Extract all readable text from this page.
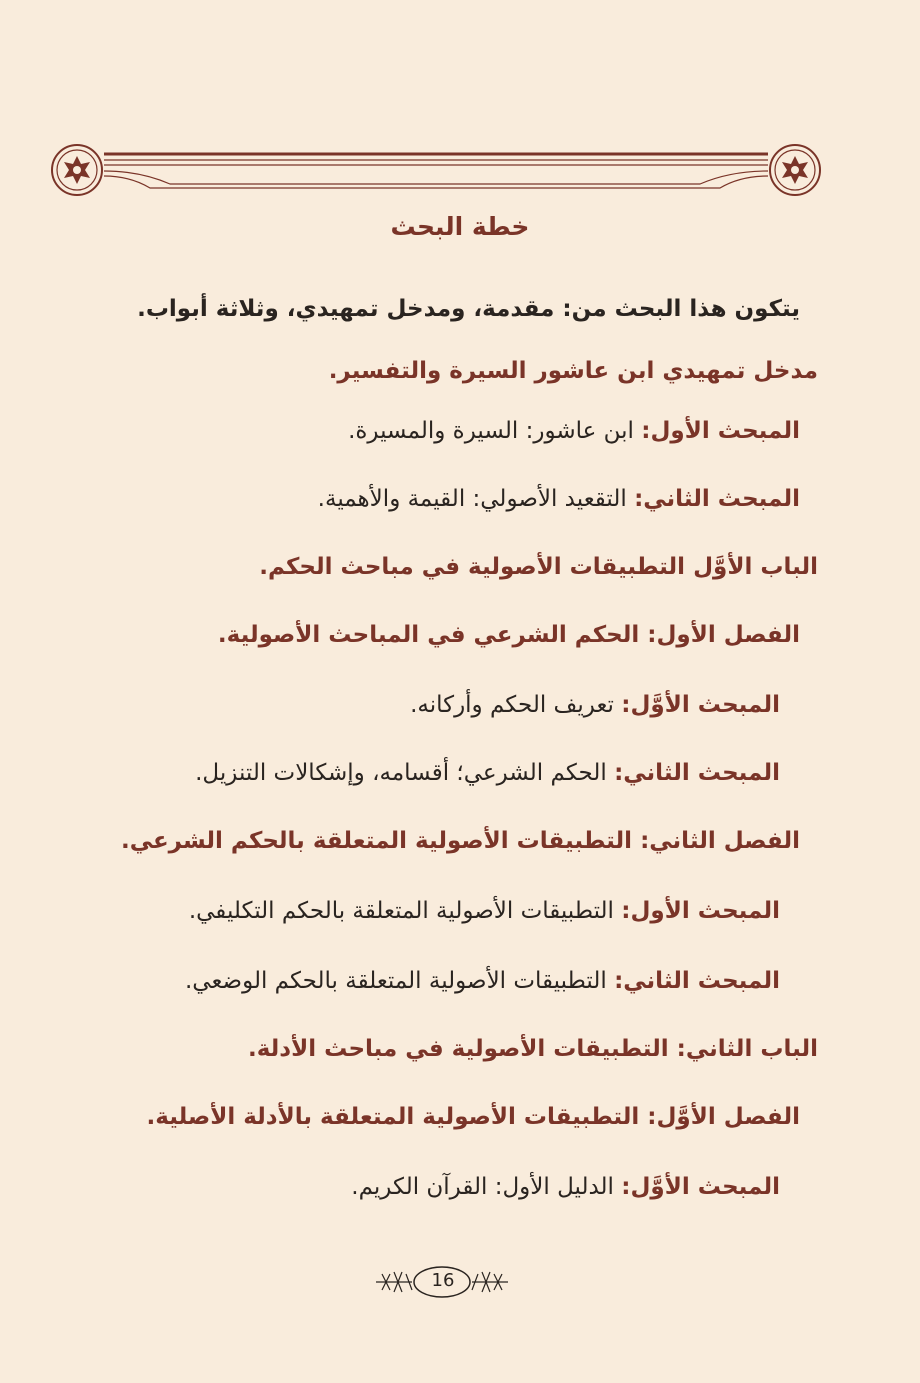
خطة البحث

يتكون هذا البحث من: مقدمة، ومدخل تمهيدي، وثلاثة أبواب.

مدخل تمهيدي ابن عاشور السيرة والتفسير.

المبحث الأول: ابن عاشور: السيرة والمسيرة.

المبحث الثاني: التقعيد الأصولي: القيمة والأهمية.

الباب الأوَّل التطبيقات الأصولية في مباحث الحكم.

الفصل الأول: الحكم الشرعي في المباحث الأصولية.

المبحث الأوَّل: تعريف الحكم وأركانه.

المبحث الثاني: الحكم الشرعي؛ أقسامه، وإشكالات التنزيل.

الفصل الثاني: التطبيقات الأصولية المتعلقة بالحكم الشرعي.

المبحث الأول: التطبيقات الأصولية المتعلقة بالحكم التكليفي.

المبحث الثاني: التطبيقات الأصولية المتعلقة بالحكم الوضعي.

الباب الثاني: التطبيقات الأصولية في مباحث الأدلة.

الفصل الأوَّل: التطبيقات الأصولية المتعلقة بالأدلة الأصلية.

المبحث الأوَّل: الدليل الأول: القرآن الكريم.

16
